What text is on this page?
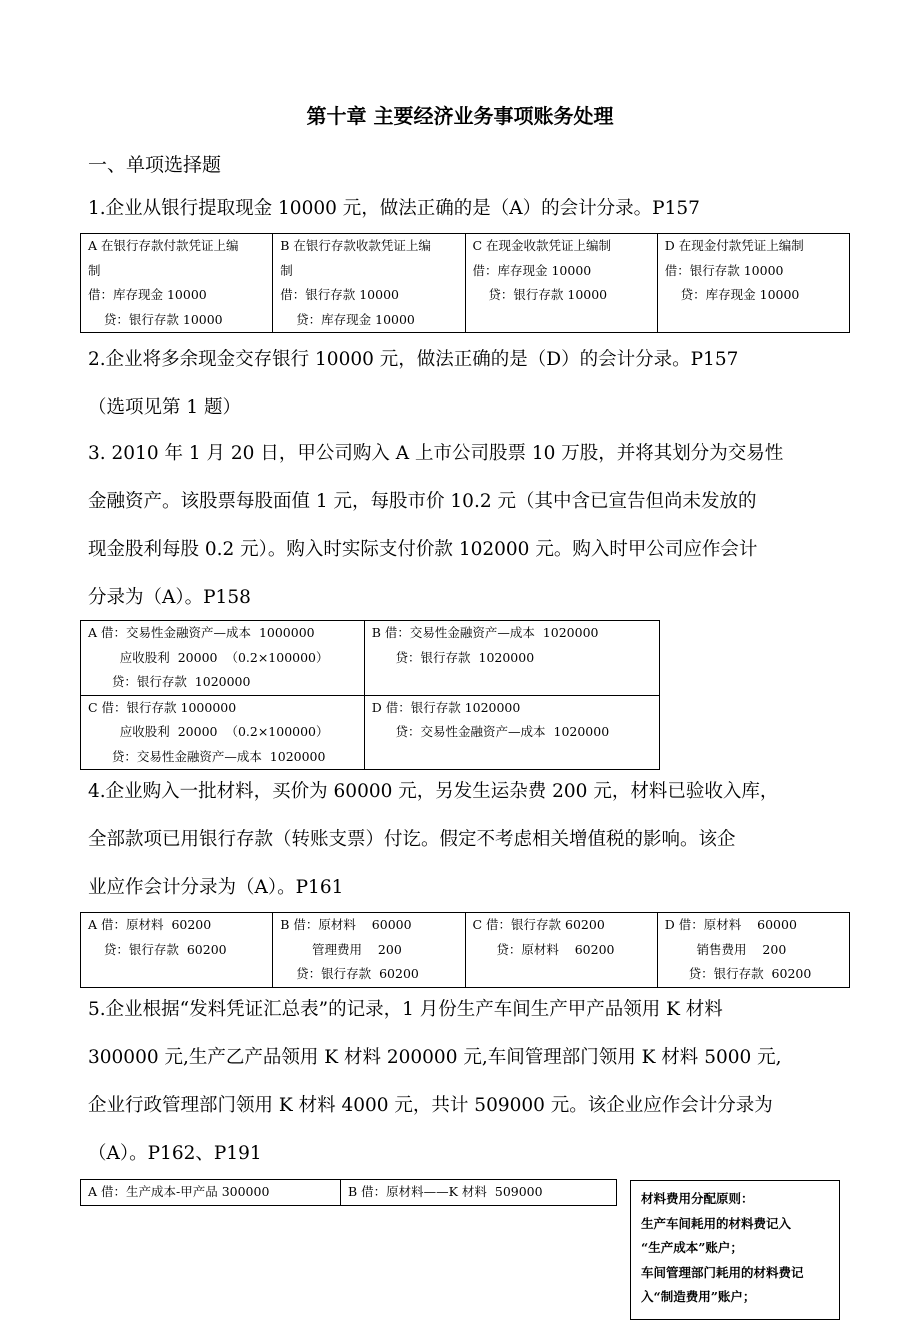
第十章 主要经济业务事项账务处理
一、单项选择题
1.企业从银行提取现金 10000 元，做法正确的是（A）的会计分录。P157
A 在银行存款付款凭证上编
制
借：库存现金 10000
贷：银行存款 10000

B 在银行存款收款凭证上编
制
借：银行存款 10000
贷：库存现金 10000

C 在现金收款凭证上编制
借：库存现金 10000
贷：银行存款 10000

D 在现金付款凭证上编制
借：银行存款 10000
贷：库存现金 10000
2.企业将多余现金交存银行 10000 元，做法正确的是（D）的会计分录。P157
（选项见第 1 题）
3. 2010 年 1 月 20 日，甲公司购入 A 上市公司股票 10 万股，并将其划分为交易性
金融资产。该股票每股面值 1 元，每股市价 10.2 元（其中含已宣告但尚未发放的
现金股利每股 0.2 元）。购入时实际支付价款 102000 元。购入时甲公司应作会计
分录为（A）。P158
A 借：交易性金融资产—成本  1000000
应收股利  20000  （0.2×100000）
贷：银行存款  1020000	B 借：交易性金融资产—成本  1020000
贷：银行存款  1020000

C 借：银行存款 1000000
应收股利  20000  （0.2×100000）
贷：交易性金融资产—成本  1020000	D 借：银行存款 1020000
贷：交易性金融资产—成本  1020000
4.企业购入一批材料，买价为 60000 元，另发生运杂费 200 元，材料已验收入库，
全部款项已用银行存款（转账支票）付讫。假定不考虑相关增值税的影响。该企
业应作会计分录为（A）。P161
A 借：原材料  60200
贷：银行存款  60200

B 借：原材料    60000
管理费用    200
贷：银行存款  60200

C 借：银行存款 60200
贷：原材料    60200

D 借：原材料    60000
销售费用    200
贷：银行存款  60200
5.企业根据“发料凭证汇总表”的记录，1 月份生产车间生产甲产品领用 K 材料
300000 元,生产乙产品领用 K 材料 200000 元,车间管理部门领用 K 材料 5000 元,
企业行政管理部门领用 K 材料 4000 元，共计 509000 元。该企业应作会计分录为
（A）。P162、P191
A 借：生产成本-甲产品 300000	B 借：原材料——K 材料  509000	材料费用分配原则：
生产车间耗用的材料费记入
“生产成本”账户；
车间管理部门耗用的材料费记
入“制造费用”账户；
